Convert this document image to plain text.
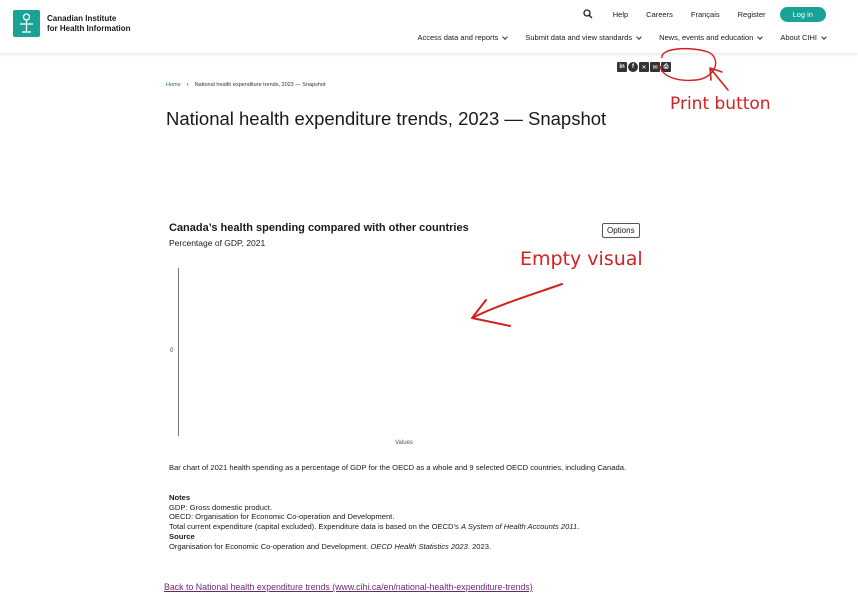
Canadian Institute
for Health Information
Help Careers Français Register	Log in
Access data and reports	Submit data and view standards	News, events and education	About CIHI
in	f	✕ ✉	⎙
Home › National health expenditure trends, 2023 — Snapshot
National health expenditure trends, 2023 — Snapshot
Canada’s health spending compared with other countries
Percentage of GDP, 2021
Options
0
Values
Print button
Empty visual
Bar chart of 2021 health spending as a percentage of GDP for the OECD as a whole and 9 selected OECD countries, including Canada.
Notes
GDP: Gross domestic product.
OECD: Organisation for Economic Co-operation and Development.
Total current expenditure (capital excluded). Expenditure data is based on the OECD’s A System of Health Accounts 2011.
Source
Organisation for Economic Co-operation and Development. OECD Health Statistics 2023. 2023.
Back to National health expenditure trends (www.cihi.ca/en/national-health-expenditure-trends)
